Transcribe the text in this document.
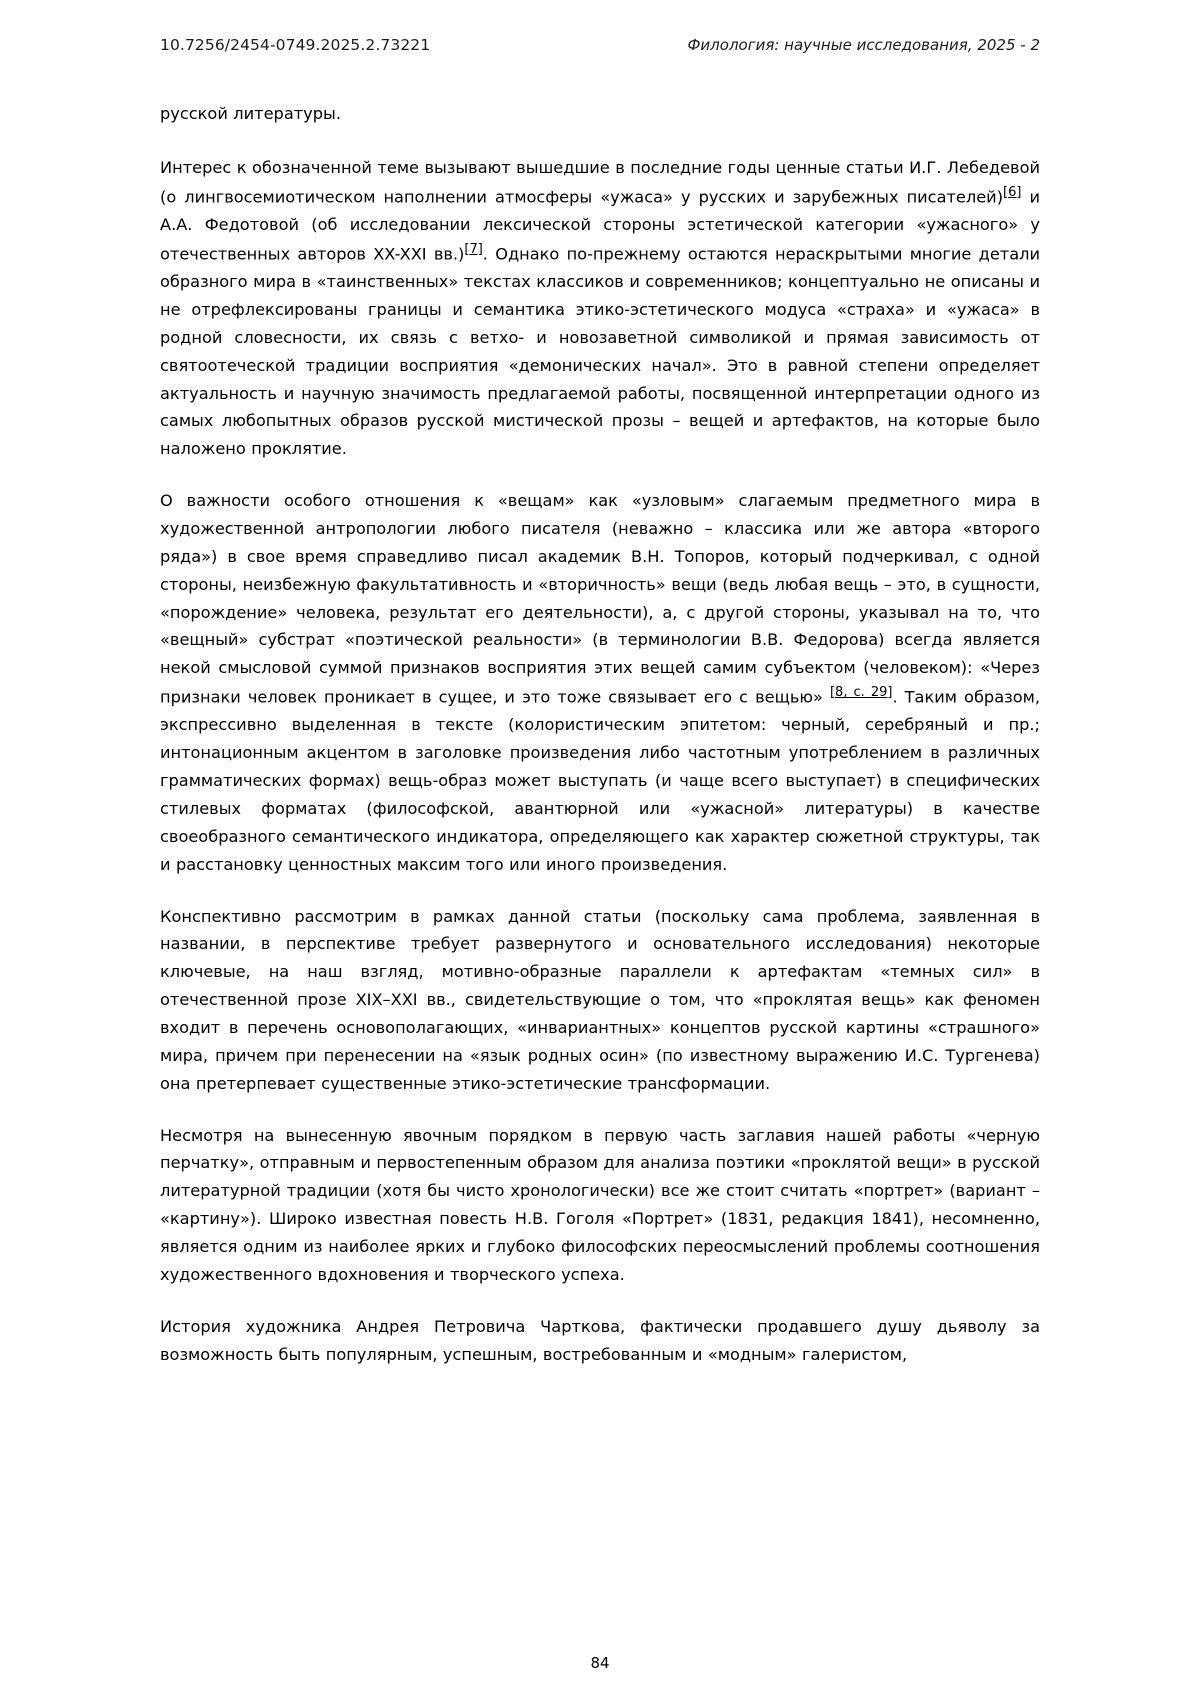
10.7256/2454-0749.2025.2.73221	Филология: научные исследования, 2025 - 2

русской литературы.

Интерес к обозначенной теме вызывают вышедшие в последние годы ценные статьи И.Г. Лебедевой (о лингвосемиотическом наполнении атмосферы «ужаса» у русских и зарубежных писателей)[6] и А.А. Федотовой (об исследовании лексической стороны эстетической категории «ужасного» у отечественных авторов XX-XXI вв.)[7]. Однако по-прежнему остаются нераскрытыми многие детали образного мира в «таинственных» текстах классиков и современников; концептуально не описаны и не отрефлексированы границы и семантика этико-эстетического модуса «страха» и «ужаса» в родной словесности, их связь с ветхо- и новозаветной символикой и прямая зависимость от святоотеческой традиции восприятия «демонических начал». Это в равной степени определяет актуальность и научную значимость предлагаемой работы, посвященной интерпретации одного из самых любопытных образов русской мистической прозы – вещей и артефактов, на которые было наложено проклятие.

О важности особого отношения к «вещам» как «узловым» слагаемым предметного мира в художественной антропологии любого писателя (неважно – классика или же автора «второго ряда») в свое время справедливо писал академик В.Н. Топоров, который подчеркивал, с одной стороны, неизбежную факультативность и «вторичность» вещи (ведь любая вещь – это, в сущности, «порождение» человека, результат его деятельности), а, с другой стороны, указывал на то, что «вещный» субстрат «поэтической реальности» (в терминологии В.В. Федорова) всегда является некой смысловой суммой признаков восприятия этих вещей самим субъектом (человеком): «Через признаки человек проникает в сущее, и это тоже связывает его с вещью» [8, с. 29]. Таким образом, экспрессивно выделенная в тексте (колористическим эпитетом: черный, серебряный и пр.; интонационным акцентом в заголовке произведения либо частотным употреблением в различных грамматических формах) вещь-образ может выступать (и чаще всего выступает) в специфических стилевых форматах (философской, авантюрной или «ужасной» литературы) в качестве своеобразного семантического индикатора, определяющего как характер сюжетной структуры, так и расстановку ценностных максим того или иного произведения.

Конспективно рассмотрим в рамках данной статьи (поскольку сама проблема, заявленная в названии, в перспективе требует развернутого и основательного исследования) некоторые ключевые, на наш взгляд, мотивно-образные параллели к артефактам «темных сил» в отечественной прозе XIX–XXI вв., свидетельствующие о том, что «проклятая вещь» как феномен входит в перечень основополагающих, «инвариантных» концептов русской картины «страшного» мира, причем при перенесении на «язык родных осин» (по известному выражению И.С. Тургенева) она претерпевает существенные этико-эстетические трансформации.

Несмотря на вынесенную явочным порядком в первую часть заглавия нашей работы «черную перчатку», отправным и первостепенным образом для анализа поэтики «проклятой вещи» в русской литературной традиции (хотя бы чисто хронологически) все же стоит считать «портрет» (вариант – «картину»). Широко известная повесть Н.В. Гоголя «Портрет» (1831, редакция 1841), несомненно, является одним из наиболее ярких и глубоко философских переосмыслений проблемы соотношения художественного вдохновения и творческого успеха.

История художника Андрея Петровича Чарткова, фактически продавшего душу дьяволу за возможность быть популярным, успешным, востребованным и «модным» галеристом,

84
